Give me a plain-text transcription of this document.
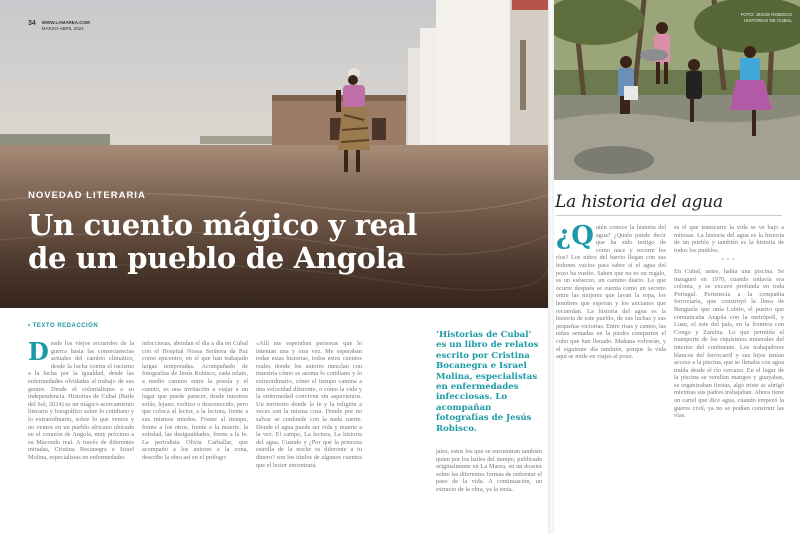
34 WWW.LAMAREA.COM
MARZO-ABRIL 2024
NOVEDAD LITERARIA
Un cuento mágico y real
de un pueblo de Angola
• TEXTO REDACCIÓN
D esde los viejos recuerdos de la guerra hasta las consecuencias actuales del cambio climático, desde la lucha contra el racismo a la lucha por la igualdad, desde las enfermedades olvidadas al trabajo de sus gentes. Desde el colonialismo a su independencia. Historias de Cubal (Baile del Sol, 2024) es un mágico acercamiento literario y fotográfico sobre lo cotidiano y lo extraordinario, sobre lo que vemos y no vemos en un pueblo africano ubicado en el corazón de Angola, muy próximo a su Macondo real. A través de diferentes miradas, Cristina Bocanegra e Israel Molina, especialistas en enfermedades
infecciosas, abordan el día a día en Cubal con el Hospital Nossa Senhora da Paz como epicentro, en el que han trabajado largas temporadas. Acompañado de fotografías de Jesús Robisco, cada relato, a medio camino entre la poesía y el cuento, es una invitación a viajar a un lugar que puede parecer, desde nuestros sofás, lejano, exótico o desconocido, pero que coloca al lector, a la lectora, frente a sus mismos miedos. Frente al tiempo, frente a los otros, frente a la muerte, la soledad, las desigualdades, frente a la fe. La periodista Olivia Carballar, que acompañó a los autores a la zona, describe la obra así en el prólogo:
«Allí me esperaban personas que lo intentan una y otra vez. Me esperaban todas estas historias, todos estos cuentos reales donde los autores mezclan con maestría cómo se asoma lo cotidiano y lo extraordinario, cómo el tiempo camina a una velocidad diferente, o cómo la vida y la enfermedad conviven sin aspavientos. Un territorio donde la fe y la religión a veces son la misma cosa. Donde por no salvar se confunde con la nada suerte. Donde el agua puede ser vida y muerte a la vez. El campo, La lectura, La historia del agua, Cuando y ¿Por qué la princesa estrella de la noche es diferente a tu dinero? son los títulos de algunos cuentos que el lector encontrará.
‘Historias de Cubal’ es un libro de relatos escrito por Cristina Bocanegra e Israel Molina, especialistas en enfermedades infecciosas. Lo acompañan fotografías de Jesús Robisco.
jaíes, estos los que se encuentran también quien por los bailes del tiempo, publicado originalmente en La Marea, en un dossier sobre las diferentes formas de enfrentar el paso de la vida. A continuación, un extracto de la obra, ya la tenía.
FOTO: JESÚS ROBISCO
HISTORIAS DE CUBAL
La historia del agua
¿Q uién conoce la historia del agua? ¿Quién puede decir que ha sido testigo de cómo nace y recorre los ríos? Los niños del barrio llegan con sus bidones vacíos para saber si el agua del pozo ha vuelto. Saben que no es un regalo, es un esfuerzo, un camino diario. Lo que ocurre después se cuenta como un secreto entre las mujeres que lavan la ropa, los hombres que esperan y los ancianos que recuerdan. La historia del agua es la historia de este pueblo, de sus luchas y sus pequeñas victorias. Entre risas y cantos, las niñas sentadas en la piedra comparten el cubo que han llenado. Mañana volverán, y el siguiente día también, porque la vida aquí se mide en viajes al pozo.

es el que transcurre la vida se ve bajo a mitosas. La historia del agua es la historia de un pueblo y también es la historia de todos los pueblos.

***

En Cubal, antes, había una piscina. Se inauguró en 1970, cuando todavía era colonia, y se excavó profunda en toda Portugal. Pertenecía a la compañía ferroviaria, que construyó la línea de Benguela que unía Lobito, el puerto que comunicaba Angola con la metrópoli, y Luau, el este del país, en la frontera con Congo y Zambia. Lo que permitía el transporte de los riquísimos minerales del interior del continente. Los trabajadores blancos del ferrocarril y sus hijos tenían acceso a la piscina, que se llenaba con agua traída desde el río cercano. En el lugar de la piscina se vendían mangos y guayabas, se organizaban fiestas, algo triste se abrigó mientras sus padres trabajaban. Ahora tiene un cartel que dice agua, cuando empezó la guerra civil, ya no se podían construir las vías.
